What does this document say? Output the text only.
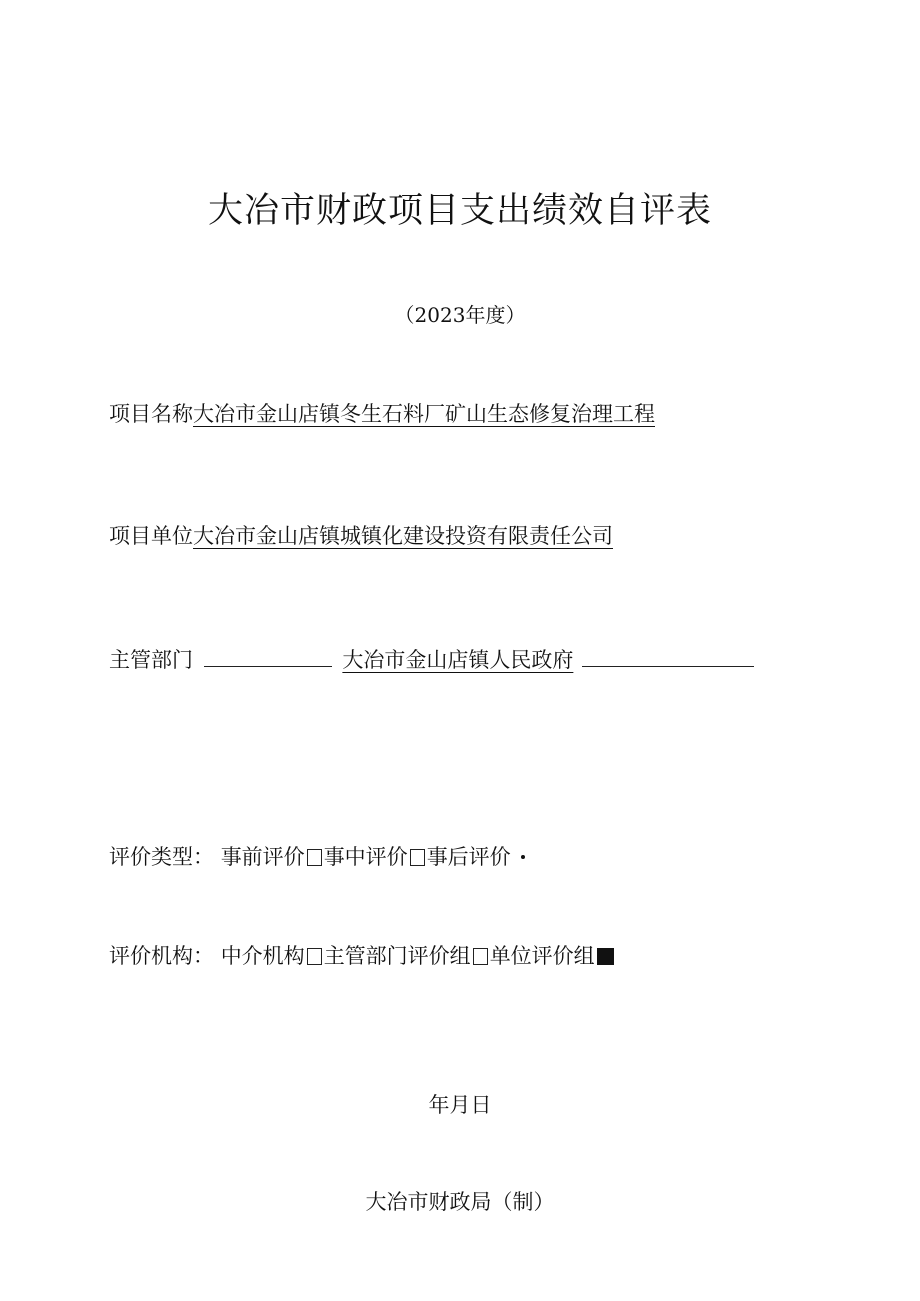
大冶市财政项目支出绩效自评表
（2023年度）
项目名称大冶市金山店镇冬生石料厂矿山生态修复治理工程
项目单位大冶市金山店镇城镇化建设投资有限责任公司
主管部门	大冶市金山店镇人民政府
评价类型： 事前评价 事中评价 事后评价
评价机构： 中介机构 主管部门评价组 单位评价组
年月日
大冶市财政局（制）
